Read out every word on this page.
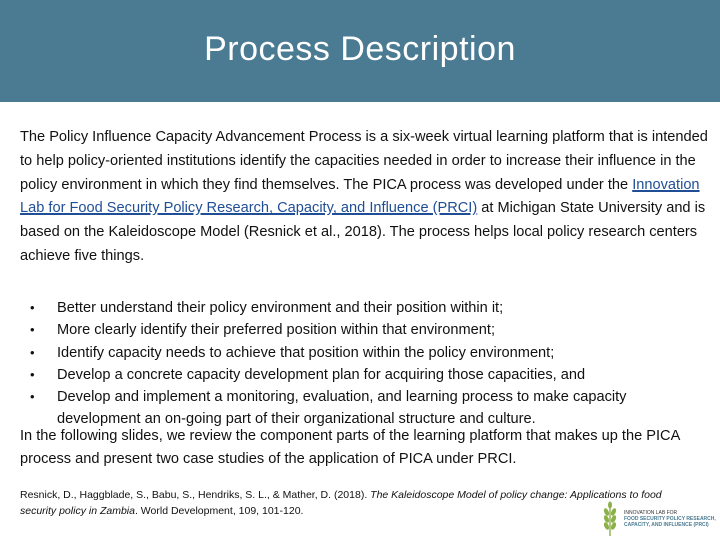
Process Description
The Policy Influence Capacity Advancement Process is a six-week virtual learning platform that is intended to help policy-oriented institutions identify the capacities needed in order to increase their influence in the policy environment in which they find themselves. The PICA process was developed under the Innovation Lab for Food Security Policy Research, Capacity, and Influence (PRCI) at Michigan State University and is based on the Kaleidoscope Model (Resnick et al., 2018). The process helps local policy research centers achieve five things.
• Better understand their policy environment and their position within it;
• More clearly identify their preferred position within that environment;
• Identify capacity needs to achieve that position within the policy environment;
• Develop a concrete capacity development plan for acquiring those capacities, and
• Develop and implement a monitoring, evaluation, and learning process to make capacity development an on-going part of their organizational structure and culture.
In the following slides, we review the component parts of the learning platform that makes up the PICA process and present two case studies of the application of PICA under PRCI.
Resnick, D., Haggblade, S., Babu, S., Hendriks, S. L., & Mather, D. (2018). The Kaleidoscope Model of policy change: Applications to food security policy in Zambia. World Development, 109, 101-120.	INNOVATION LAB FOR
FOOD SECURITY POLICY RESEARCH,
CAPACITY, AND INFLUENCE (PRCI)
